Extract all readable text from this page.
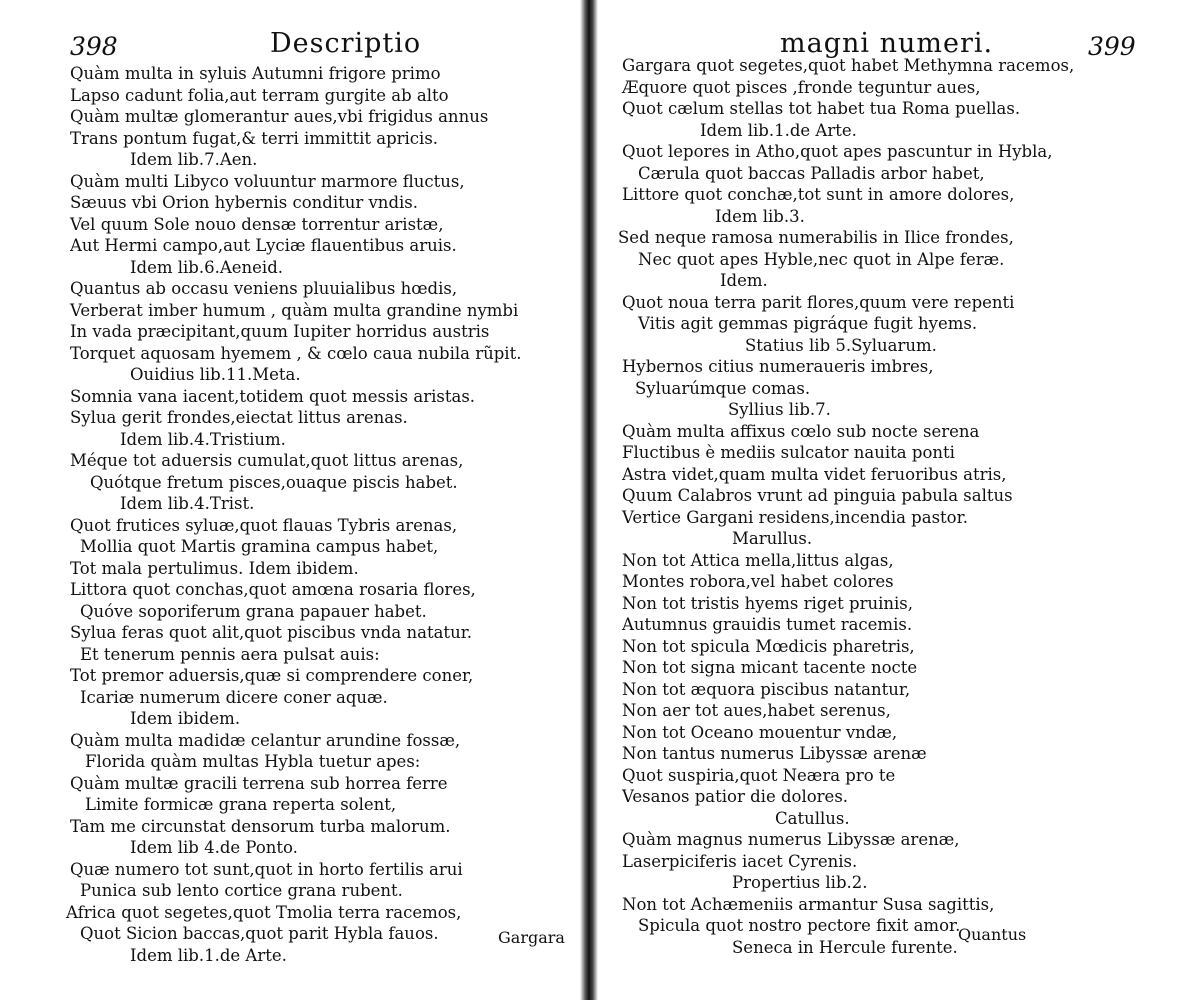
398	Descriptio
Quàm multa in syluis Autumni frigore primo
Lapso cadunt folia,aut terram gurgite ab alto
Quàm multæ glomerantur aues,vbi frigidus annus
Trans pontum fugat,& terri immittit apricis.
Idem lib.7.Aen.
Quàm multi Libyco voluuntur marmore fluctus,
Sæuus vbi Orion hybernis conditur vndis.
Vel quum Sole nouo densæ torrentur aristæ,
Aut Hermi campo,aut Lyciæ flauentibus aruis.
Idem lib.6.Aeneid.
Quantus ab occasu veniens pluuialibus hœdis,
Verberat imber humum , quàm multa grandine nymbi
In vada præcipitant,quum Iupiter horridus austris
Torquet aquosam hyemem , & cœlo caua nubila rũpit.
Ouidius lib.11.Meta.
Somnia vana iacent,totidem quot messis aristas.
Sylua gerit frondes,eiectat littus arenas.
Idem lib.4.Tristium.
Méque tot aduersis cumulat,quot littus arenas,
Quótque fretum pisces,ouaque piscis habet.
Idem lib.4.Trist.
Quot frutices syluæ,quot flauas Tybris arenas,
Mollia quot Martis gramina campus habet,
Tot mala pertulimus. Idem ibidem.
Littora quot conchas,quot amœna rosaria flores,
Quóve soporiferum grana papauer habet.
Sylua feras quot alit,quot piscibus vnda natatur.
Et tenerum pennis aera pulsat auis:
Tot premor aduersis,quæ si comprendere coner,
Icariæ numerum dicere coner aquæ.
Idem ibidem.
Quàm multa madidæ celantur arundine fossæ,
Florida quàm multas Hybla tuetur apes:
Quàm multæ gracili terrena sub horrea ferre
Limite formicæ grana reperta solent,
Tam me circunstat densorum turba malorum.
Idem lib 4.de Ponto.
Quæ numero tot sunt,quot in horto fertilis arui
Punica sub lento cortice grana rubent.
Africa quot segetes,quot Tmolia terra racemos,
Quot Sicion baccas,quot parit Hybla fauos.
Idem lib.1.de Arte.
Gargara
magni numeri.	399
Gargara quot segetes,quot habet Methymna racemos,
Æquore quot pisces ,fronde teguntur aues,
Quot cælum stellas tot habet tua Roma puellas.
Idem lib.1.de Arte.
Quot lepores in Atho,quot apes pascuntur in Hybla,
Cærula quot baccas Palladis arbor habet,
Littore quot conchæ,tot sunt in amore dolores,
Idem lib.3.
Sed neque ramosa numerabilis in Ilice frondes,
Nec quot apes Hyble,nec quot in Alpe feræ.
Idem.
Quot noua terra parit flores,quum vere repenti
Vitis agit gemmas pigráque fugit hyems.
Statius lib 5.Syluarum.
Hybernos citius numeraueris imbres,
Syluarúmque comas.
Syllius lib.7.
Quàm multa affixus cœlo sub nocte serena
Fluctibus è mediis sulcator nauita ponti
Astra videt,quam multa videt feruoribus atris,
Quum Calabros vrunt ad pinguia pabula saltus
Vertice Gargani residens,incendia pastor.
Marullus.
Non tot Attica mella,littus algas,
Montes robora,vel habet colores
Non tot tristis hyems riget pruinis,
Autumnus grauidis tumet racemis.
Non tot spicula Mœdicis pharetris,
Non tot signa micant tacente nocte
Non tot æquora piscibus natantur,
Non aer tot aues,habet serenus,
Non tot Oceano mouentur vndæ,
Non tantus numerus Libyssæ arenæ
Quot suspiria,quot Neæra pro te
Vesanos patior die dolores.
Catullus.
Quàm magnus numerus Libyssæ arenæ,
Laserpiciferis iacet Cyrenis.
Propertius lib.2.
Non tot Achæmeniis armantur Susa sagittis,
Spicula quot nostro pectore fixit amor.
Seneca in Hercule furente.
Quantus
